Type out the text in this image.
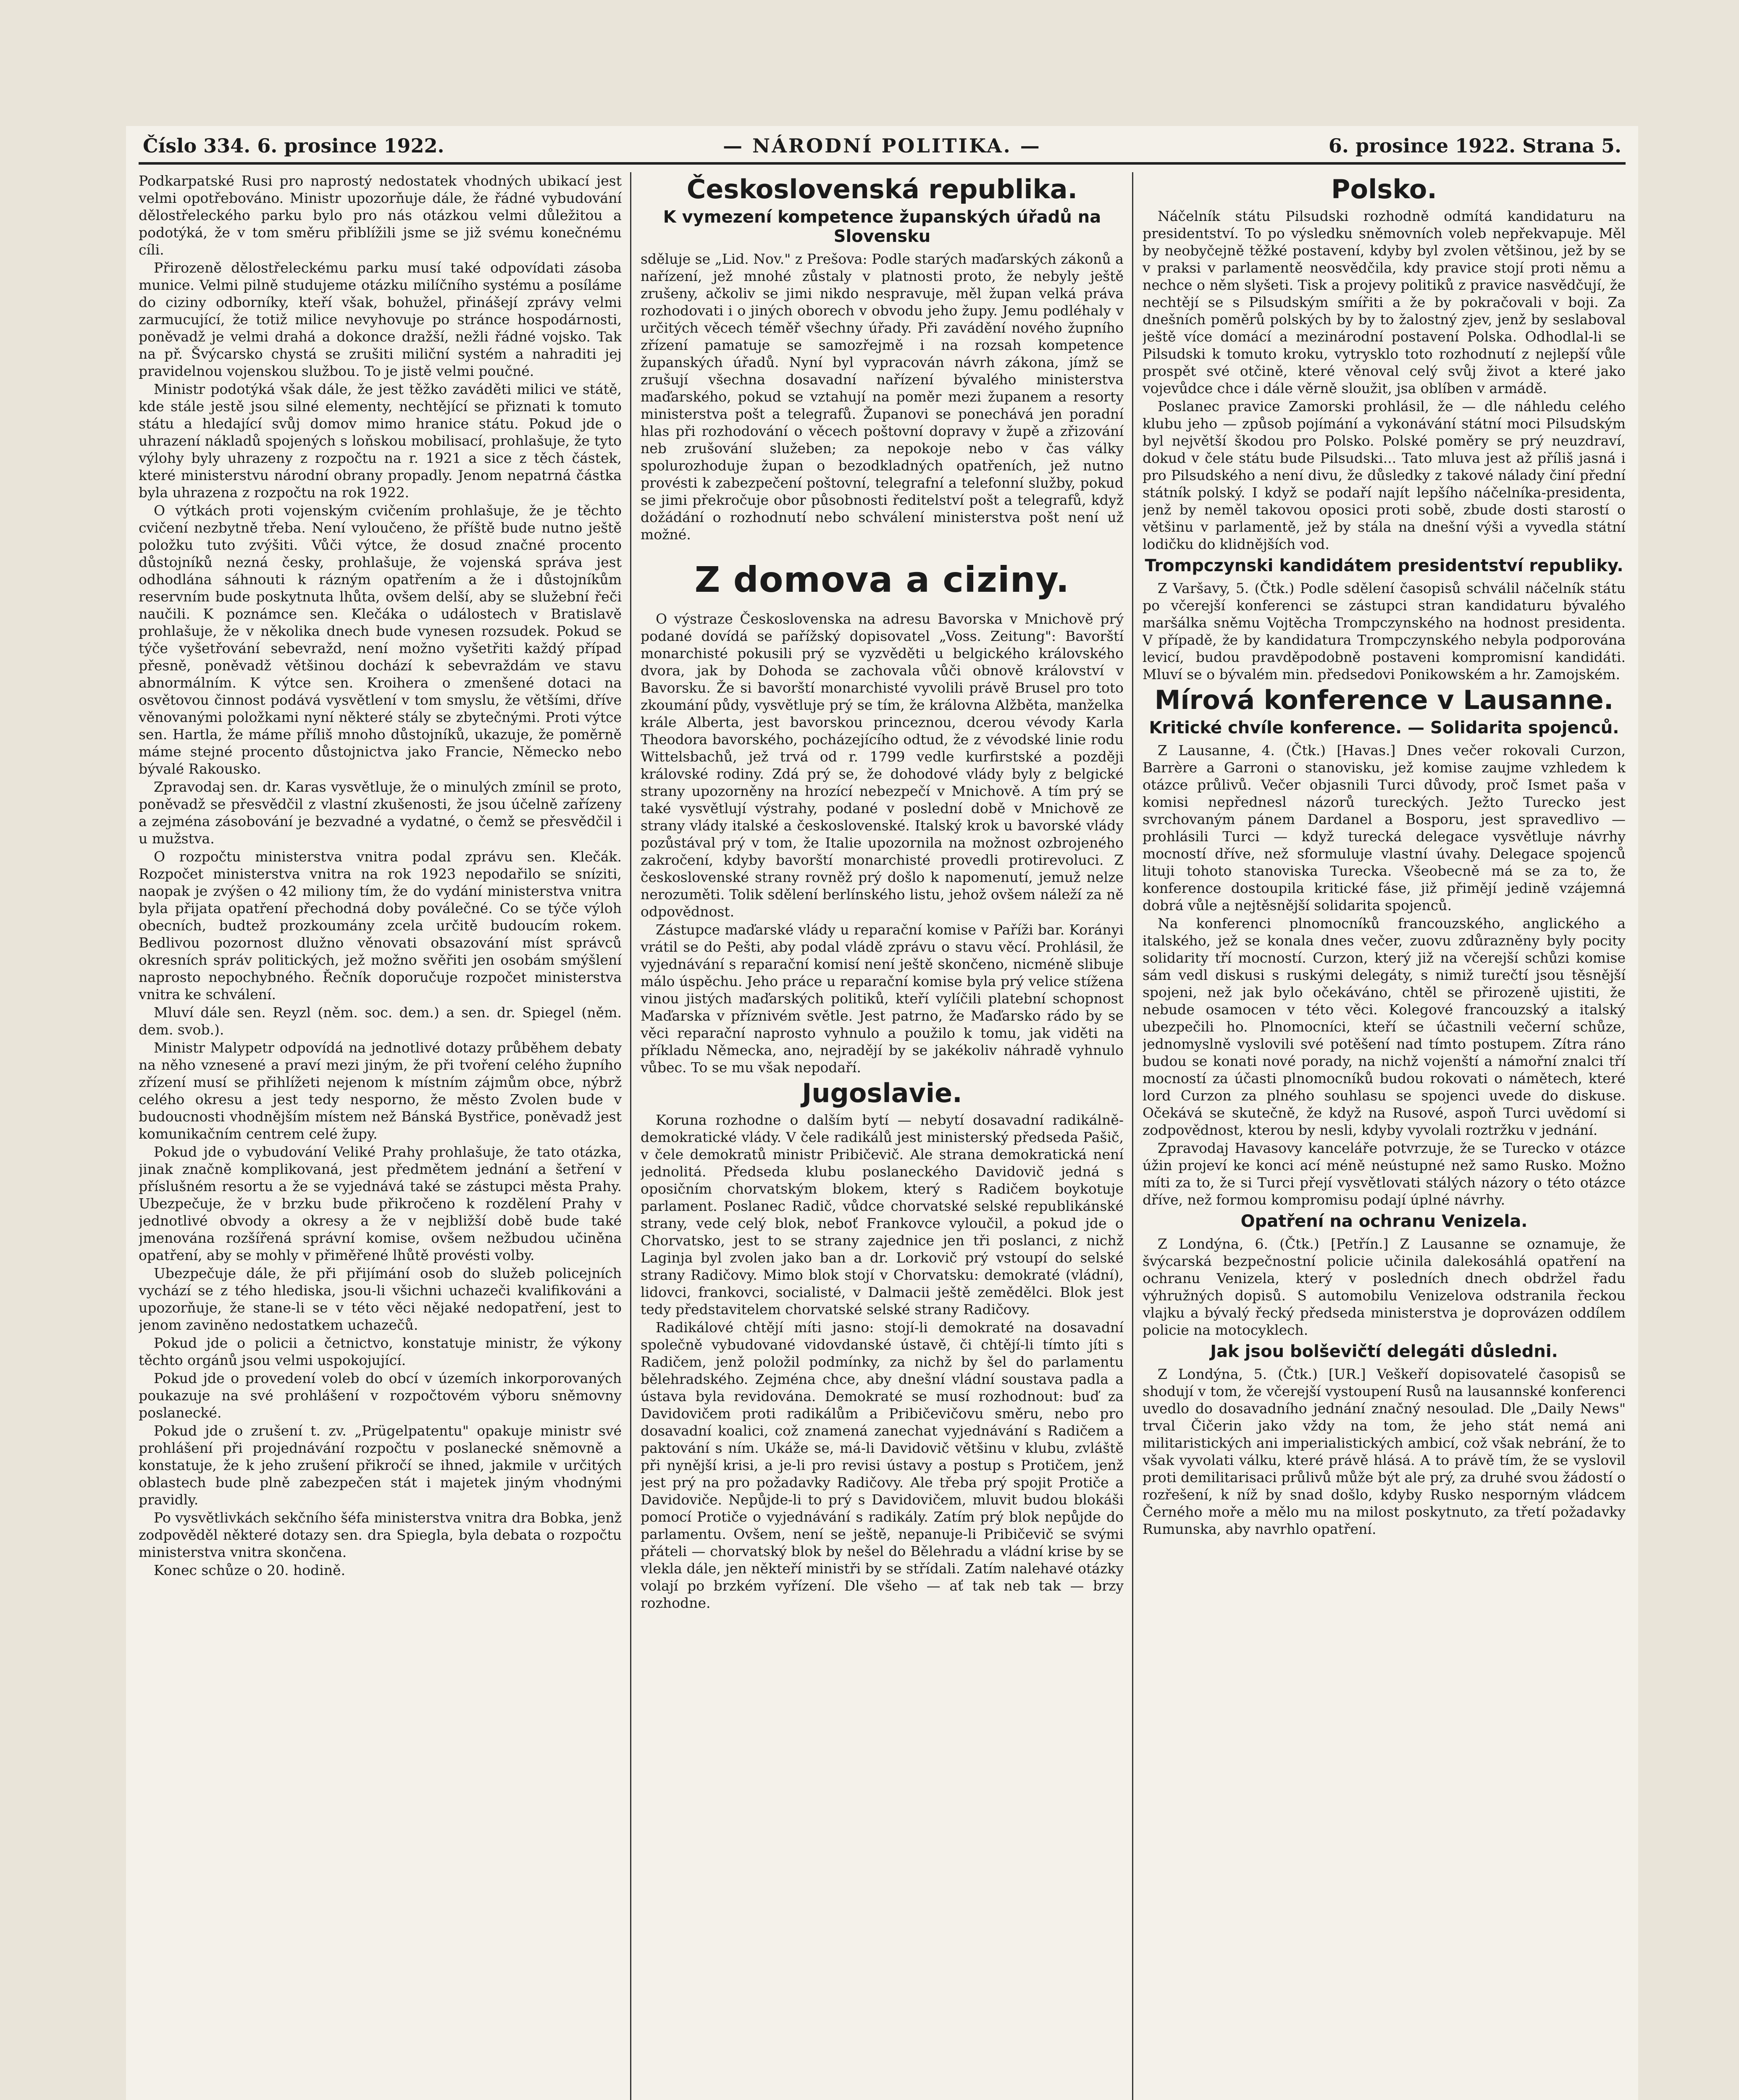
Číslo 334. 6. prosince 1922.	— NÁRODNÍ POLITIKA. —	6. prosince 1922. Strana 5.

Podkarpatské Rusi pro naprostý nedostatek vhodných ubikací jest velmi opotřebováno. Ministr upozorňuje dále, že řádné vybudování dělostřeleckého parku bylo pro nás otázkou velmi důležitou a podotýká, že v tom směru přiblížili jsme se již svému konečnému cíli.

Přirozeně dělostřeleckému parku musí také odpovídati zásoba munice. Velmi pilně studujeme otázku milíčního systému a posíláme do ciziny odborníky, kteří však, bohužel, přinášejí zprávy velmi zarmucující, že totiž milice nevyhovuje po stránce hospodárnosti, poněvadž je velmi drahá a dokonce dražší, nežli řádné vojsko. Tak na př. Švýcarsko chystá se zrušiti miliční systém a nahraditi jej pravidelnou vojenskou službou. To je jistě velmi poučné.

Ministr podotýká však dále, že jest těžko zaváděti milici ve státě, kde stále jestě jsou silné elementy, nechtějící se přiznati k tomuto státu a hledající svůj domov mimo hranice státu. Pokud jde o uhrazení nákladů spojených s loňskou mobilisací, prohlašuje, že tyto výlohy byly uhrazeny z rozpočtu na r. 1921 a sice z těch částek, které ministerstvu národní obrany propadly. Jenom nepatrná částka byla uhrazena z rozpočtu na rok 1922.

O výtkách proti vojenským cvičením prohlašuje, že je těchto cvičení nezbytně třeba. Není vyloučeno, že příště bude nutno ještě položku tuto zvýšiti. Vůči výtce, že dosud značné procento důstojníků nezná česky, prohlašuje, že vojenská správa jest odhodlána sáhnouti k rázným opatřením a že i důstojníkům reservním bude poskytnuta lhůta, ovšem delší, aby se služební řeči naučili. K poznámce sen. Klečáka o událostech v Bratislavě prohlašuje, že v několika dnech bude vynesen rozsudek. Pokud se týče vyšetřování sebevražd, není možno vyšetřiti každý případ přesně, poněvadž většinou dochází k sebevraždám ve stavu abnormálním. K výtce sen. Kroihera o zmenšené dotaci na osvětovou činnost podává vysvětlení v tom smyslu, že většími, dříve věnovanými položkami nyní některé stály se zbytečnými. Proti výtce sen. Hartla, že máme příliš mnoho důstojníků, ukazuje, že poměrně máme stejné procento důstojnictva jako Francie, Německo nebo bývalé Rakousko.

Zpravodaj sen. dr. Karas vysvětluje, že o minulých zmínil se proto, poněvadž se přesvědčil z vlastní zkušenosti, že jsou účelně zařízeny a zejména zásobování je bezvadné a vydatné, o čemž se přesvědčil i u mužstva.

O rozpočtu ministerstva vnitra podal zprávu sen. Klečák. Rozpočet ministerstva vnitra na rok 1923 nepodařilo se sníziti, naopak je zvýšen o 42 miliony tím, že do vydání ministerstva vnitra byla přijata opatření přechodná doby poválečné. Co se týče výloh obecních, budtež prozkoumány zcela určitě budoucím rokem. Bedlivou pozornost dlužno věnovati obsazování míst správců okresních správ politických, jež možno svěřiti jen osobám smýšlení naprosto nepochybného. Řečník doporučuje rozpočet ministerstva vnitra ke schválení.

Mluví dále sen. Reyzl (něm. soc. dem.) a sen. dr. Spiegel (něm. dem. svob.).

Ministr Malypetr odpovídá na jednotlivé dotazy průběhem debaty na něho vznesené a praví mezi jiným, že při tvoření celého župního zřízení musí se přihlížeti nejenom k místním zájmům obce, nýbrž celého okresu a jest tedy nesporno, že město Zvolen bude v budoucnosti vhodnějším místem než Bánská Bystřice, poněvadž jest komunikačním centrem celé župy.

Pokud jde o vybudování Veliké Prahy prohlašuje, že tato otázka, jinak značně komplikovaná, jest předmětem jednání a šetření v příslušném resortu a že se vyjednává také se zástupci města Prahy. Ubezpečuje, že v brzku bude přikročeno k rozdělení Prahy v jednotlivé obvody a okresy a že v nejbližší době bude také jmenována rozšířená správní komise, ovšem nežbudou učiněna opatření, aby se mohly v přiměřené lhůtě provésti volby.

Ubezpečuje dále, že při přijímání osob do služeb policejních vychází se z tého hlediska, jsou-li všichni uchazeči kvalifikováni a upozorňuje, že stane-li se v této věci nějaké nedopatření, jest to jenom zaviněno nedostatkem uchazečů.

Pokud jde o policii a četnictvo, konstatuje ministr, že výkony těchto orgánů jsou velmi uspokojující.

Pokud jde o provedení voleb do obcí v územích inkorporovaných poukazuje na své prohlášení v rozpočtovém výboru sněmovny poslanecké.

Pokud jde o zrušení t. zv. „Prügelpatentu" opakuje ministr své prohlášení při projednávání rozpočtu v poslanecké sněmovně a konstatuje, že k jeho zrušení přikročí se ihned, jakmile v určitých oblastech bude plně zabezpečen stát i majetek jiným vhodnými pravidly.

Po vysvětlivkách sekčního šéfa ministerstva vnitra dra Bobka, jenž zodpověděl některé dotazy sen. dra Spiegla, byla debata o rozpočtu ministerstva vnitra skončena.

Konec schůze o 20. hodině.

Československá republika.
K vymezení kompetence županských úřadů na Slovensku

sděluje se „Lid. Nov." z Prešova: Podle starých maďarských zákonů a nařízení, jež mnohé zůstaly v platnosti proto, že nebyly ještě zrušeny, ačkoliv se jimi nikdo nespravuje, měl župan velká práva rozhodovati i o jiných oborech v obvodu jeho župy. Jemu podléhaly v určitých věcech téměř všechny úřady. Při zavádění nového župního zřízení pamatuje se samozřejmě i na rozsah kompetence županských úřadů. Nyní byl vypracován návrh zákona, jímž se zrušují všechna dosavadní nařízení bývalého ministerstva maďarského, pokud se vztahují na poměr mezi županem a resorty ministerstva pošt a telegrafů. Županovi se ponechává jen poradní hlas při rozhodování o věcech poštovní dopravy v župě a zřizování neb zrušování služeben; za nepokoje nebo v čas války spolurozhoduje župan o bezodkladných opatřeních, jež nutno provésti k zabezpečení poštovní, telegrafní a telefonní služby, pokud se jimi překročuje obor působnosti ředitelství pošt a telegrafů, když dožádání o rozhodnutí nebo schválení ministerstva pošt není už možné.

Z domova a ciziny.

O výstraze Československa na adresu Bavorska v Mnichově prý podané dovídá se pařížský dopisovatel „Voss. Zeitung": Bavorští monarchisté pokusili prý se vyzvěděti u belgického královského dvora, jak by Dohoda se zachovala vůči obnově království v Bavorsku. Že si bavorští monarchisté vyvolili právě Brusel pro toto zkoumání půdy, vysvětluje prý se tím, že královna Alžběta, manželka krále Alberta, jest bavorskou princeznou, dcerou vévody Karla Theodora bavorského, pocházejícího odtud, že z vévodské linie rodu Wittelsbachů, jež trvá od r. 1799 vedle kurfirstské a později královské rodiny. Zdá prý se, že dohodové vlády byly z belgické strany upozorněny na hrozící nebezpečí v Mnichově. A tím prý se také vysvětlují výstrahy, podané v poslední době v Mnichově ze strany vlády italské a československé. Italský krok u bavorské vlády pozůstával prý v tom, že Italie upozornila na možnost ozbrojeného zakročení, kdyby bavorští monarchisté provedli protirevoluci. Z československé strany rovněž prý došlo k napomenutí, jemuž nelze nerozuměti. Tolik sdělení berlínského listu, jehož ovšem náleží za ně odpovědnost.

Zástupce maďarské vlády u reparační komise v Paříži bar. Korányi vrátil se do Pešti, aby podal vládě zprávu o stavu věcí. Prohlásil, že vyjednávání s reparační komisí není ještě skončeno, nicméně slibuje málo úspěchu. Jeho práce u reparační komise byla prý velice stížena vinou jistých maďarských politiků, kteří vylíčili platební schopnost Maďarska v příznivém světle. Jest patrno, že Maďarsko rádo by se věci reparační naprosto vyhnulo a použilo k tomu, jak viděti na příkladu Německa, ano, nejradějí by se jakékoliv náhradě vyhnulo vůbec. To se mu však nepodaří.

Jugoslavie.

Koruna rozhodne o dalším bytí — nebytí dosavadní radikálně-demokratické vlády. V čele radikálů jest ministerský předseda Pašič, v čele demokratů ministr Pribičevič. Ale strana demokratická není jednolitá. Předseda klubu poslaneckého Davidovič jedná s oposičním chorvatským blokem, který s Radičem boykotuje parlament. Poslanec Radič, vůdce chorvatské selské republikánské strany, vede celý blok, neboť Frankovce vyloučil, a pokud jde o Chorvatsko, jest to se strany zajednice jen tři poslanci, z nichž Laginja byl zvolen jako ban a dr. Lorkovič prý vstoupí do selské strany Radičovy. Mimo blok stojí v Chorvatsku: demokraté (vládní), lidovci, frankovci, socialisté, v Dalmacii ještě zemědělci. Blok jest tedy představitelem chorvatské selské strany Radičovy.

Radikálové chtějí míti jasno: stojí-li demokraté na dosavadní společně vybudované vidovdanské ústavě, či chtějí-li tímto jíti s Radičem, jenž položil podmínky, za nichž by šel do parlamentu bělehradského. Zejména chce, aby dnešní vládní soustava padla a ústava byla revidována. Demokraté se musí rozhodnout: buď za Davidovičem proti radikálům a Pribičevičovu směru, nebo pro dosavadní koalici, což znamená zanechat vyjednávání s Radičem a paktování s ním. Ukáže se, má-li Davidovič většinu v klubu, zvláště při nynější krisi, a je-li pro revisi ústavy a postup s Protičem, jenž jest prý na pro požadavky Radičovy. Ale třeba prý spojit Protiče a Davidoviče. Nepůjde-li to prý s Davidovičem, mluvit budou blokáši pomocí Protiče o vyjednávání s radikály. Zatím prý blok nepůjde do parlamentu. Ovšem, není se ještě, nepanuje-li Pribičevič se svými přáteli — chorvatský blok by nešel do Bělehradu a vládní krise by se vlekla dále, jen někteří ministři by se střídali. Zatím nalehavé otázky volají po brzkém vyřízení. Dle všeho — ať tak neb tak — brzy rozhodne.

Polsko.

Náčelník státu Pilsudski rozhodně odmítá kandidaturu na presidentství. To po výsledku sněmovních voleb nepřekvapuje. Měl by neobyčejně těžké postavení, kdyby byl zvolen většinou, jež by se v praksi v parlamentě neosvědčila, kdy pravice stojí proti němu a nechce o něm slyšeti. Tisk a projevy politiků z pravice nasvědčují, že nechtějí se s Pilsudským smířiti a že by pokračovali v boji. Za dnešních poměrů polských by by to žalostný zjev, jenž by seslaboval ještě více domácí a mezinárodní postavení Polska. Odhodlal-li se Pilsudski k tomuto kroku, vytrysklo toto rozhodnutí z nejlepší vůle prospět své otčině, které věnoval celý svůj život a které jako vojevůdce chce i dále věrně sloužit, jsa oblíben v armádě.

Poslanec pravice Zamorski prohlásil, že — dle náhledu celého klubu jeho — způsob pojímání a vykonávání státní moci Pilsudským byl největší škodou pro Polsko. Polské poměry se prý neuzdraví, dokud v čele státu bude Pilsudski... Tato mluva jest až příliš jasná i pro Pilsudského a není divu, že důsledky z takové nálady činí přední státník polský. I když se podaří najít lepšího náčelníka-presidenta, jenž by neměl takovou oposici proti sobě, zbude dosti starostí o většinu v parlamentě, jež by stála na dnešní výši a vyvedla státní lodičku do klidnějších vod.

Trompczynski kandidátem presidentství republiky.

Z Varšavy, 5. (Čtk.) Podle sdělení časopisů schválil náčelník státu po včerejší konferenci se zástupci stran kandidaturu bývalého maršálka sněmu Vojtěcha Trompczynského na hodnost presidenta. V případě, že by kandidatura Trompczynského nebyla podporována levicí, budou pravděpodobně postaveni kompromisní kandidáti. Mluví se o bývalém min. předsedovi Ponikowském a hr. Zamojském.

Mírová konference v Lausanne.
Kritické chvíle konference. — Solidarita spojenců.

Z Lausanne, 4. (Čtk.) [Havas.] Dnes večer rokovali Curzon, Barrère a Garroni o stanovisku, jež komise zaujme vzhledem k otázce průlivů. Večer objasnili Turci důvody, proč Ismet paša v komisi nepřednesl názorů tureckých. Ježto Turecko jest svrchovaným pánem Dardanel a Bosporu, jest spravedlivo — prohlásili Turci — když turecká delegace vysvětluje návrhy mocností dříve, než sformuluje vlastní úvahy. Delegace spojenců lituji tohoto stanoviska Turecka. Všeobecně má se za to, že konference dostoupila kritické fáse, již přimějí jedině vzájemná dobrá vůle a nejtěsnější solidarita spojenců.

Na konferenci plnomocníků francouzského, anglického a italského, jež se konala dnes večer, zuovu zdůrazněny byly pocity solidarity tří mocností. Curzon, který již na včerejší schůzi komise sám vedl diskusi s ruskými delegáty, s nimiž turečtí jsou těsnější spojeni, než jak bylo očekáváno, chtěl se přirozeně ujistiti, že nebude osamocen v této věci. Kolegové francouzský a italský ubezpečili ho. Plnomocníci, kteří se účastnili večerní schůze, jednomyslně vyslovili své potěšení nad tímto postupem. Zítra ráno budou se konati nové porady, na nichž vojenští a námořní znalci tří mocností za účasti plnomocníků budou rokovati o námětech, které lord Curzon za plného souhlasu se spojenci uvede do diskuse. Očekává se skutečně, že když na Rusové, aspoň Turci uvědomí si zodpovědnost, kterou by nesli, kdyby vyvolali roztržku v jednání.

Zpravodaj Havasovy kanceláře potvrzuje, že se Turecko v otázce úžin projeví ke konci ací méně neústupné než samo Rusko. Možno míti za to, že si Turci přejí vysvětlovati stálých názory o této otázce dříve, než formou kompromisu podají úplné návrhy.

Opatření na ochranu Venizela.

Z Londýna, 6. (Čtk.) [Petřín.] Z Lausanne se oznamuje, že švýcarská bezpečnostní policie učinila dalekosáhlá opatření na ochranu Venizela, který v posledních dnech obdržel řadu výhružných dopisů. S automobilu Venizelova odstranila řeckou vlajku a bývalý řecký předseda ministerstva je doprovázen oddílem policie na motocyklech.

Jak jsou bolševičtí delegáti důsledni.

Z Londýna, 5. (Čtk.) [UR.] Veškeří dopisovatelé časopisů se shodují v tom, že včerejší vystoupení Rusů na lausannské konferenci uvedlo do dosavadního jednání značný nesoulad. Dle „Daily News" trval Čičerin jako vždy na tom, že jeho stát nemá ani militaristických ani imperialistických ambicí, což však nebrání, že to však vyvolati válku, které právě hlásá. A to právě tím, že se vyslovil proti demilitarisaci průlivů může být ale prý, za druhé svou žádostí o rozřešení, k níž by snad došlo, kdyby Rusko nesporným vládcem Černého moře a mělo mu na milost poskytnuto, za třetí požadavky Rumunska, aby navrhlo opatření.
